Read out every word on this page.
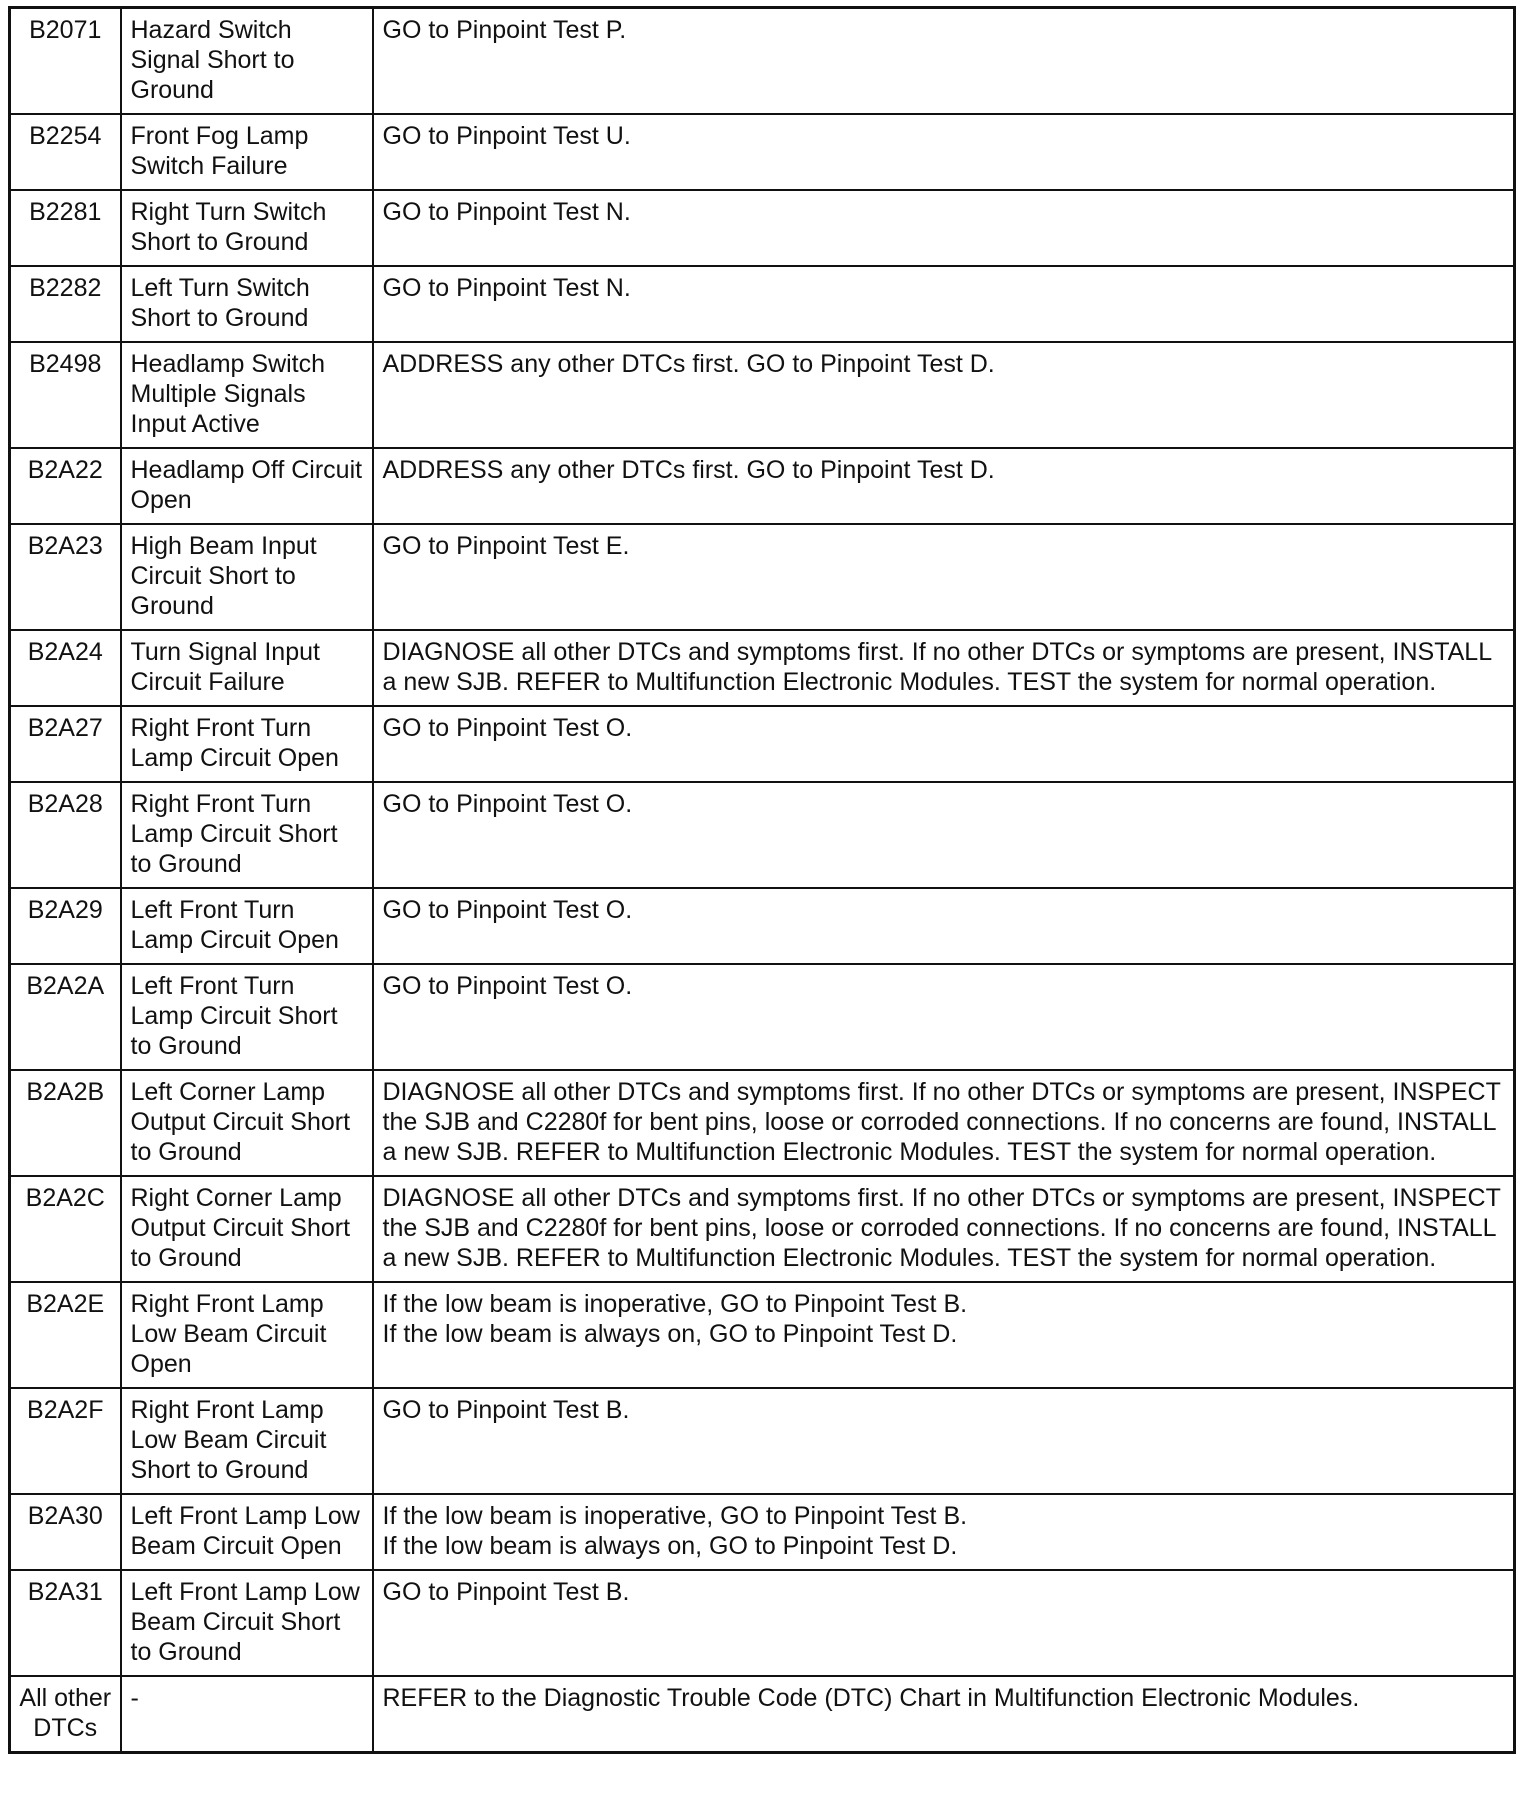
B2071	Hazard Switch Signal Short to Ground	GO to Pinpoint Test P.

B2254	Front Fog Lamp Switch Failure	GO to Pinpoint Test U.

B2281	Right Turn Switch Short to Ground	GO to Pinpoint Test N.

B2282	Left Turn Switch Short to Ground	GO to Pinpoint Test N.

B2498	Headlamp Switch Multiple Signals Input Active	ADDRESS any other DTCs first. GO to Pinpoint Test D.

B2A22	Headlamp Off Circuit Open	ADDRESS any other DTCs first. GO to Pinpoint Test D.

B2A23	High Beam Input Circuit Short to Ground	GO to Pinpoint Test E.

B2A24	Turn Signal Input Circuit Failure	DIAGNOSE all other DTCs and symptoms first. If no other DTCs or symptoms are present, INSTALL a new SJB. REFER to Multifunction Electronic Modules. TEST the system for normal operation.

B2A27	Right Front Turn Lamp Circuit Open	GO to Pinpoint Test O.

B2A28	Right Front Turn Lamp Circuit Short to Ground	GO to Pinpoint Test O.

B2A29	Left Front Turn Lamp Circuit Open	GO to Pinpoint Test O.

B2A2A	Left Front Turn Lamp Circuit Short to Ground	GO to Pinpoint Test O.

B2A2B	Left Corner Lamp Output Circuit Short to Ground	DIAGNOSE all other DTCs and symptoms first. If no other DTCs or symptoms are present, INSPECT the SJB and C2280f for bent pins, loose or corroded connections. If no concerns are found, INSTALL a new SJB. REFER to Multifunction Electronic Modules. TEST the system for normal operation.

B2A2C	Right Corner Lamp Output Circuit Short to Ground	DIAGNOSE all other DTCs and symptoms first. If no other DTCs or symptoms are present, INSPECT the SJB and C2280f for bent pins, loose or corroded connections. If no concerns are found, INSTALL a new SJB. REFER to Multifunction Electronic Modules. TEST the system for normal operation.

B2A2E	Right Front Lamp Low Beam Circuit Open	If the low beam is inoperative, GO to Pinpoint Test B.
If the low beam is always on, GO to Pinpoint Test D.

B2A2F	Right Front Lamp Low Beam Circuit Short to Ground	GO to Pinpoint Test B.

B2A30	Left Front Lamp Low Beam Circuit Open	If the low beam is inoperative, GO to Pinpoint Test B.
If the low beam is always on, GO to Pinpoint Test D.

B2A31	Left Front Lamp Low Beam Circuit Short to Ground	GO to Pinpoint Test B.

All other DTCs	-	REFER to the Diagnostic Trouble Code (DTC) Chart in Multifunction Electronic Modules.
